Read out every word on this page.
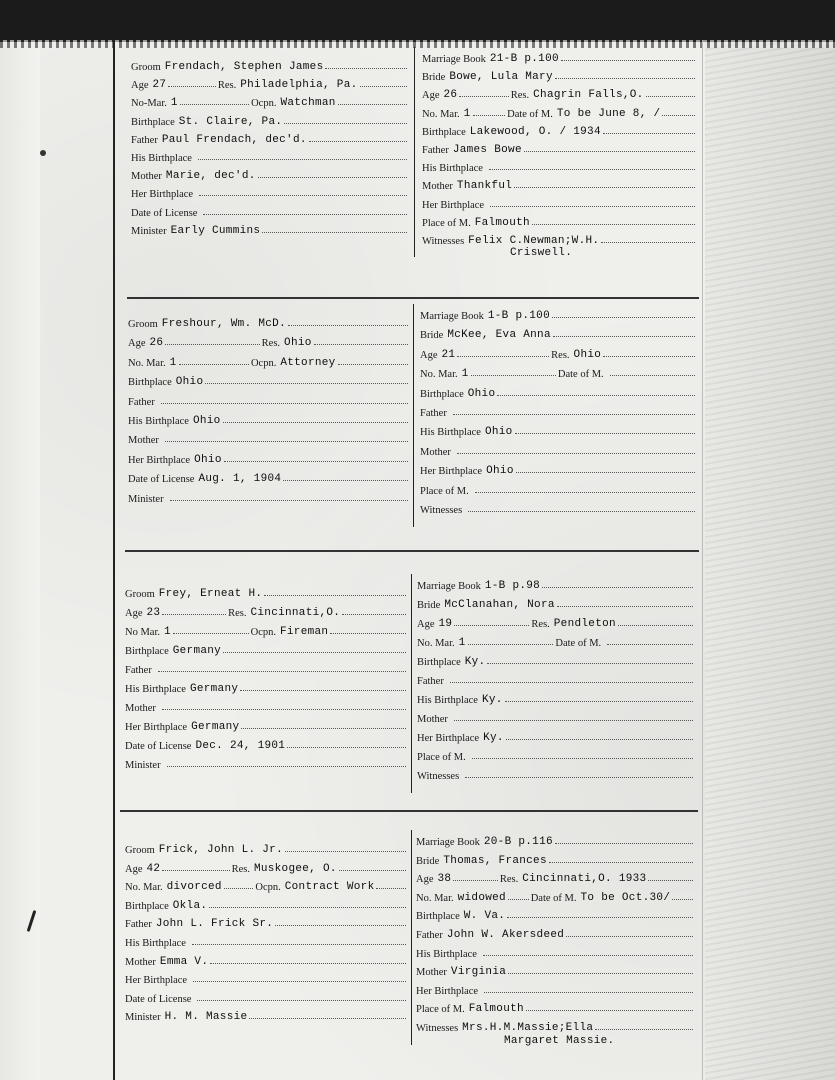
Groom Frendach, Stephen James
Age 27	Res. Philadelphia, Pa.
No-Mar. 1	Ocpn. Watchman
Birthplace St. Claire, Pa.
Father Paul Frendach, dec'd.
His Birthplace
Mother Marie, dec'd.
Her Birthplace
Date of License
Minister Early Cummins
Marriage Book 21-B p.100
Bride Bowe, Lula Mary
Age 26	Res. Chagrin Falls,O.
No. Mar. 1	Date of M. To be June 8, /
Birthplace Lakewood, O. / 1934
Father James Bowe
His Birthplace
Mother Thankful
Her Birthplace
Place of M. Falmouth
Witnesses Felix C.Newman;W.H.
Criswell.
Groom Freshour, Wm. McD.
Age 26	Res. Ohio
No. Mar. 1	Ocpn. Attorney
Birthplace Ohio
Father
His Birthplace Ohio
Mother
Her Birthplace Ohio
Date of License Aug. 1, 1904
Minister
Marriage Book 1-B p.100
Bride McKee, Eva Anna
Age 21	Res. Ohio
No. Mar. 1	Date of M.
Birthplace Ohio
Father
His Birthplace Ohio
Mother
Her Birthplace Ohio
Place of M.
Witnesses
Groom Frey, Erneat H.
Age 23	Res. Cincinnati,O.
No Mar. 1	Ocpn. Fireman
Birthplace Germany
Father
His Birthplace Germany
Mother
Her Birthplace Germany
Date of License Dec. 24, 1901
Minister
Marriage Book 1-B p.98
Bride McClanahan, Nora
Age 19	Res. Pendleton
No. Mar. 1	Date of M.
Birthplace Ky.
Father
His Birthplace Ky.
Mother
Her Birthplace Ky.
Place of M.
Witnesses
Groom Frick, John L. Jr.
Age 42	Res. Muskogee, O.
No. Mar. divorced	Ocpn. Contract Work
Birthplace Okla.
Father John L. Frick Sr.
His Birthplace
Mother Emma V.
Her Birthplace
Date of License
Minister H. M. Massie
Marriage Book 20-B p.116
Bride Thomas, Frances
Age 38	Res. Cincinnati,O. 1933
No. Mar. widowed Date of M. To be Oct.30/
Birthplace W. Va.
Father John W. Akersdeed
His Birthplace
Mother Virginia
Her Birthplace
Place of M. Falmouth
Witnesses Mrs.H.M.Massie;Ella
Margaret Massie.
